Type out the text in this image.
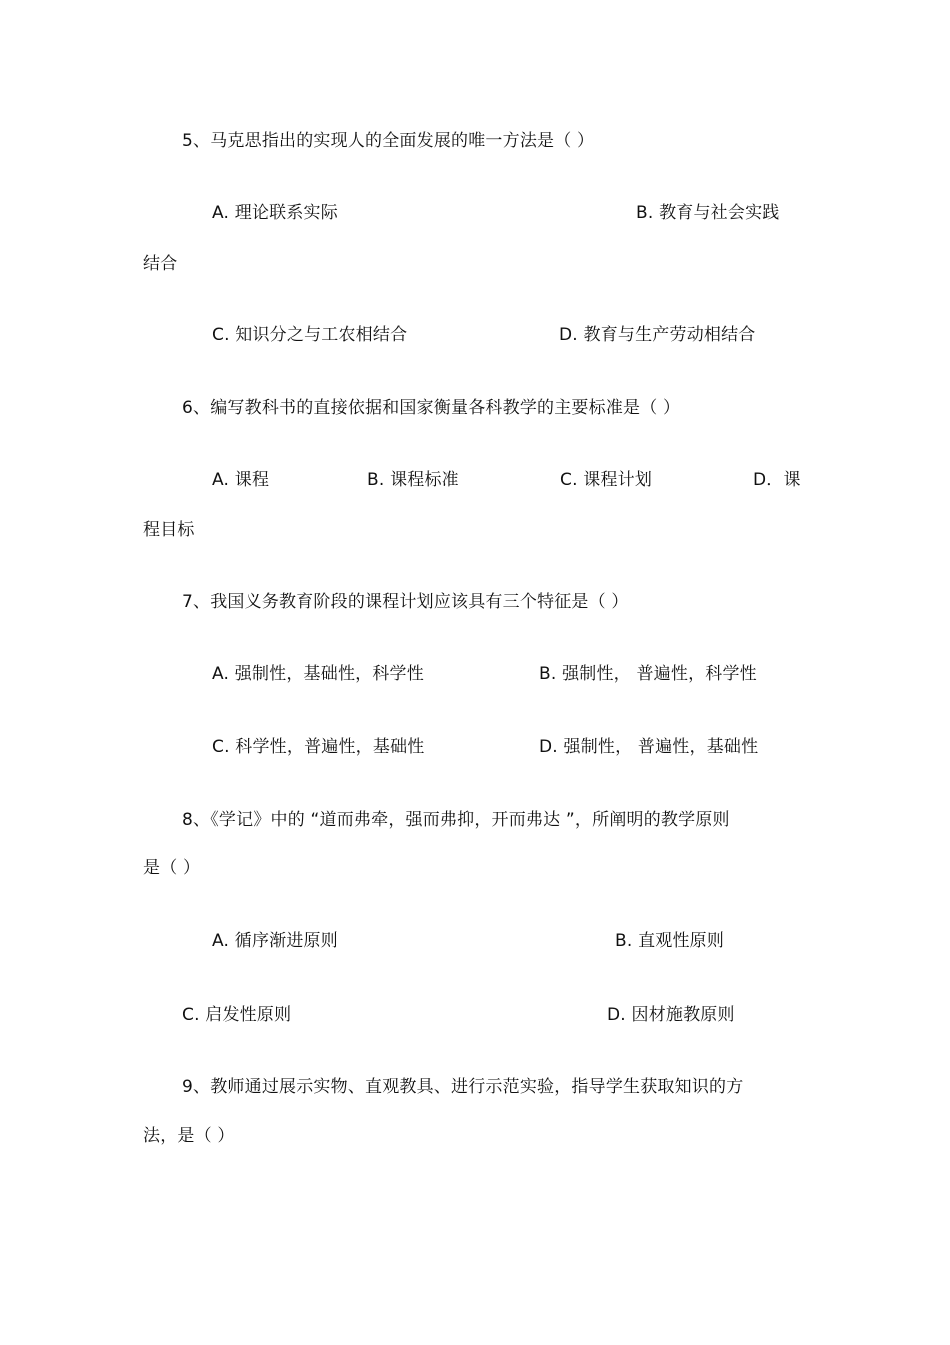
5、马克思指出的实现人的全面发展的唯一方法是（ ）
A. 理论联系实际	B. 教育与社会实践
结合
C. 知识分之与工农相结合	D. 教育与生产劳动相结合
6、编写教科书的直接依据和国家衡量各科教学的主要标准是（ ）
A. 课程	B. 课程标准	C. 课程计划	D．课
程目标
7、我国义务教育阶段的课程计划应该具有三个特征是（ ）
A. 强制性，基础性，科学性	B. 强制性， 普遍性，科学性
C. 科学性，普遍性，基础性	D. 强制性， 普遍性，基础性
8、《学记》中的 “道而弗牵，强而弗抑，开而弗达 ”，所阐明的教学原则
是（ ）
A. 循序渐进原则	B. 直观性原则
C. 启发性原则	D. 因材施教原则
9、教师通过展示实物、直观教具、进行示范实验，指导学生获取知识的方
法，是（ ）
